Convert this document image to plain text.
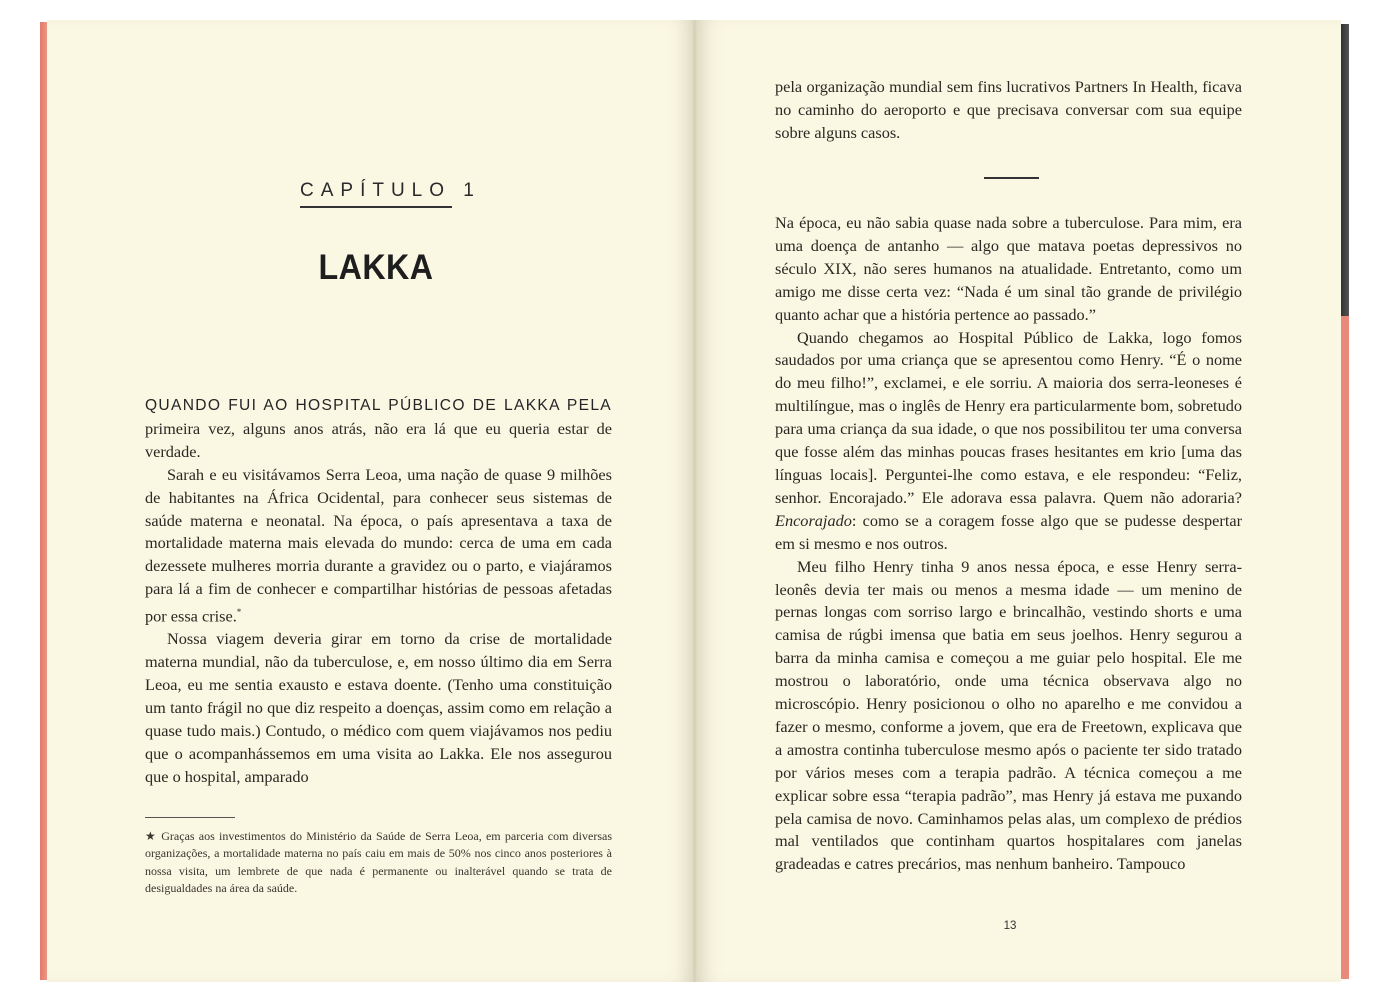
CAPÍTULO 1
LAKKA

QUANDO FUI AO HOSPITAL PÚBLICO DE LAKKA PELA primeira vez, alguns anos atrás, não era lá que eu queria estar de verdade.

Sarah e eu visitávamos Serra Leoa, uma nação de quase 9 milhões de habitantes na África Ocidental, para conhecer seus sistemas de saúde materna e neonatal. Na época, o país apresentava a taxa de mortalidade materna mais elevada do mundo: cerca de uma em cada dezessete mulheres morria durante a gravidez ou o parto, e viajáramos para lá a fim de conhecer e compartilhar histórias de pessoas afetadas por essa crise.*

Nossa viagem deveria girar em torno da crise de mortalidade materna mundial, não da tuberculose, e, em nosso último dia em Serra Leoa, eu me sentia exausto e estava doente. (Tenho uma constituição um tanto frágil no que diz respeito a doenças, assim como em relação a quase tudo mais.) Contudo, o médico com quem viajávamos nos pediu que o acompanhássemos em uma visita ao Lakka. Ele nos assegurou que o hospital, amparado

★ Graças aos investimentos do Ministério da Saúde de Serra Leoa, em parceria com diversas organizações, a mortalidade materna no país caiu em mais de 50% nos cinco anos posteriores à nossa visita, um lembrete de que nada é permanente ou inalterável quando se trata de desigualdades na área da saúde.

pela organização mundial sem fins lucrativos Partners In Health, ficava no caminho do aeroporto e que precisava conversar com sua equipe sobre alguns casos.

Na época, eu não sabia quase nada sobre a tuberculose. Para mim, era uma doença de antanho — algo que matava poetas depressivos no século XIX, não seres humanos na atualidade. Entretanto, como um amigo me disse certa vez: “Nada é um sinal tão grande de privilégio quanto achar que a história pertence ao passado.”

Quando chegamos ao Hospital Público de Lakka, logo fomos saudados por uma criança que se apresentou como Henry. “É o nome do meu filho!”, exclamei, e ele sorriu. A maioria dos serra-leoneses é multilíngue, mas o inglês de Henry era particularmente bom, sobretudo para uma criança da sua idade, o que nos possibilitou ter uma conversa que fosse além das minhas poucas frases hesitantes em krio [uma das línguas locais]. Perguntei-lhe como estava, e ele respondeu: “Feliz, senhor. Encorajado.” Ele adorava essa palavra. Quem não adoraria? Encorajado: como se a coragem fosse algo que se pudesse despertar em si mesmo e nos outros.

Meu filho Henry tinha 9 anos nessa época, e esse Henry serra-leonês devia ter mais ou menos a mesma idade — um menino de pernas longas com sorriso largo e brincalhão, vestindo shorts e uma camisa de rúgbi imensa que batia em seus joelhos. Henry segurou a barra da minha camisa e começou a me guiar pelo hospital. Ele me mostrou o laboratório, onde uma técnica observava algo no microscópio. Henry posicionou o olho no aparelho e me convidou a fazer o mesmo, conforme a jovem, que era de Freetown, explicava que a amostra continha tuberculose mesmo após o paciente ter sido tratado por vários meses com a terapia padrão. A técnica começou a me explicar sobre essa “terapia padrão”, mas Henry já estava me puxando pela camisa de novo. Caminhamos pelas alas, um complexo de prédios mal ventilados que continham quartos hospitalares com janelas gradeadas e catres precários, mas nenhum banheiro. Tampouco

13
